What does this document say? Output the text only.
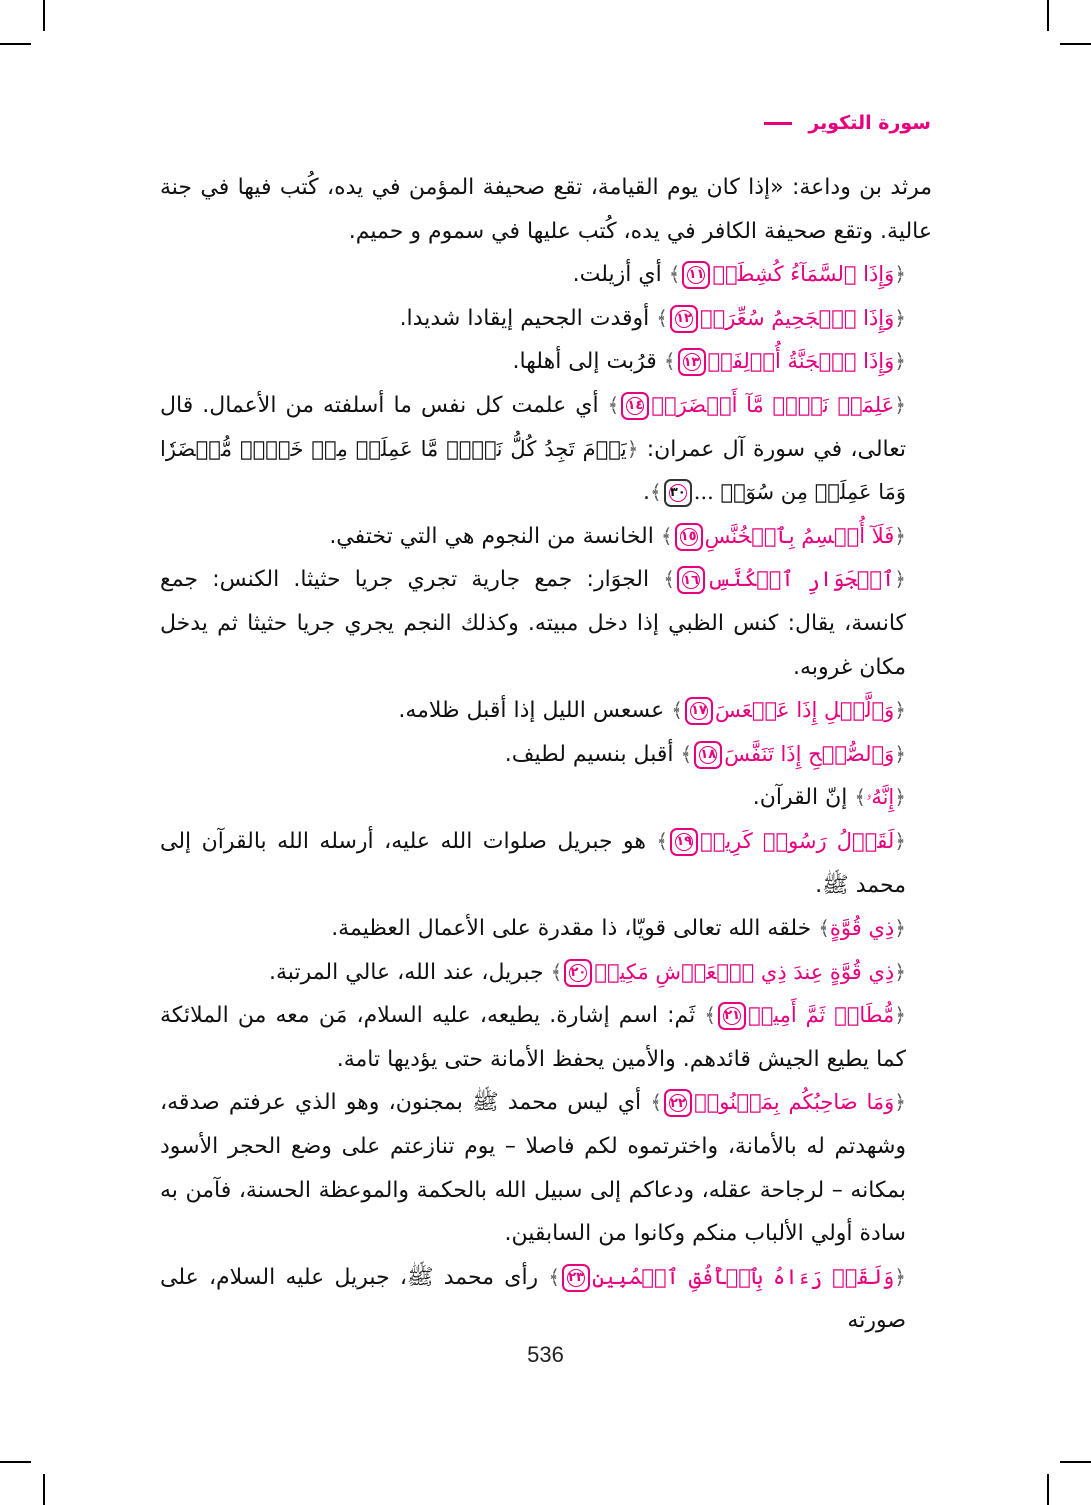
سورة التكوير

مرثد بن وداعة: «إذا كان يوم القيامة، تقع صحيفة المؤمن في يده، كُتب فيها في جنة عالية. وتقع صحيفة الكافر في يده، كُتب عليها في سموم و حميم.

﴿وَإِذَا ٱلسَّمَآءُ كُشِطَتۡ١١﴾ أي أزيلت.

﴿وَإِذَا ٱلۡجَحِيمُ سُعِّرَتۡ١٢﴾ أوقدت الجحيم إيقادا شديدا.

﴿وَإِذَا ٱلۡجَنَّةُ أُزۡلِفَتۡ١٣﴾ قرُبت إلى أهلها.

﴿عَلِمَتۡ نَفۡسٞ مَّآ أَحۡضَرَتۡ١٤﴾ أي علمت كل نفس ما أسلفته من الأعمال. قال تعالى، في سورة آل عمران: ﴿يَوۡمَ تَجِدُ كُلُّ نَفۡسٖ مَّا عَمِلَتۡ مِنۡ خَيۡرٖ مُّحۡضَرٗا وَمَا عَمِلَتۡ مِن سُوٓءٖ ...٣٠﴾.

﴿فَلَآ أُقۡسِمُ بِٱلۡخُنَّسِ١٥﴾ الخانسة من النجوم هي التي تختفي.

﴿ٱلۡجَوَارِ ٱلۡكُنَّسِ١٦﴾ الجوَار: جمع جارية تجري جريا حثيثا. الكنس: جمع كانسة، يقال: كنس الظبي إذا دخل مبيته. وكذلك النجم يجري جريا حثيثا ثم يدخل مكان غروبه.

﴿وَٱلَّيۡلِ إِذَا عَسۡعَسَ١٧﴾ عسعس الليل إذا أقبل ظلامه.

﴿وَٱلصُّبۡحِ إِذَا تَنَفَّسَ١٨﴾ أقبل بنسيم لطيف.

﴿إِنَّهُۥ﴾ إنّ القرآن.

﴿لَقَوۡلُ رَسُولٖ كَرِيمٖ١٩﴾ هو جبريل صلوات الله عليه، أرسله الله بالقرآن إلى محمد ﷺ.

﴿ذِي قُوَّةٍ﴾ خلقه الله تعالى قويّا، ذا مقدرة على الأعمال العظيمة.

﴿ذِي قُوَّةٍ عِندَ ذِي ٱلۡعَرۡشِ مَكِينٖ٢٠﴾ جبريل، عند الله، عالي المرتبة.

﴿مُّطَاعٖ ثَمَّ أَمِينٖ٢١﴾ ثَم: اسم إشارة. يطيعه، عليه السلام، مَن معه من الملائكة كما يطيع الجيش قائدهم. والأمين يحفظ الأمانة حتى يؤديها تامة.

﴿وَمَا صَاحِبُكُم بِمَجۡنُونٖ٢٢﴾ أي ليس محمد ﷺ بمجنون، وهو الذي عرفتم صدقه، وشهدتم له بالأمانة، واخترتموه لكم فاصلا – يوم تنازعتم على وضع الحجر الأسود بمكانه – لرجاحة عقله، ودعاكم إلى سبيل الله بالحكمة والموعظة الحسنة، فآمن به سادة أولي الألباب منكم وكانوا من السابقين.

﴿وَلَقَدۡ رَءَاهُ بِٱلۡأُفُقِ ٱلۡمُبِينِ٢٣﴾ رأى محمد ﷺ، جبريل عليه السلام، على صورته

536
